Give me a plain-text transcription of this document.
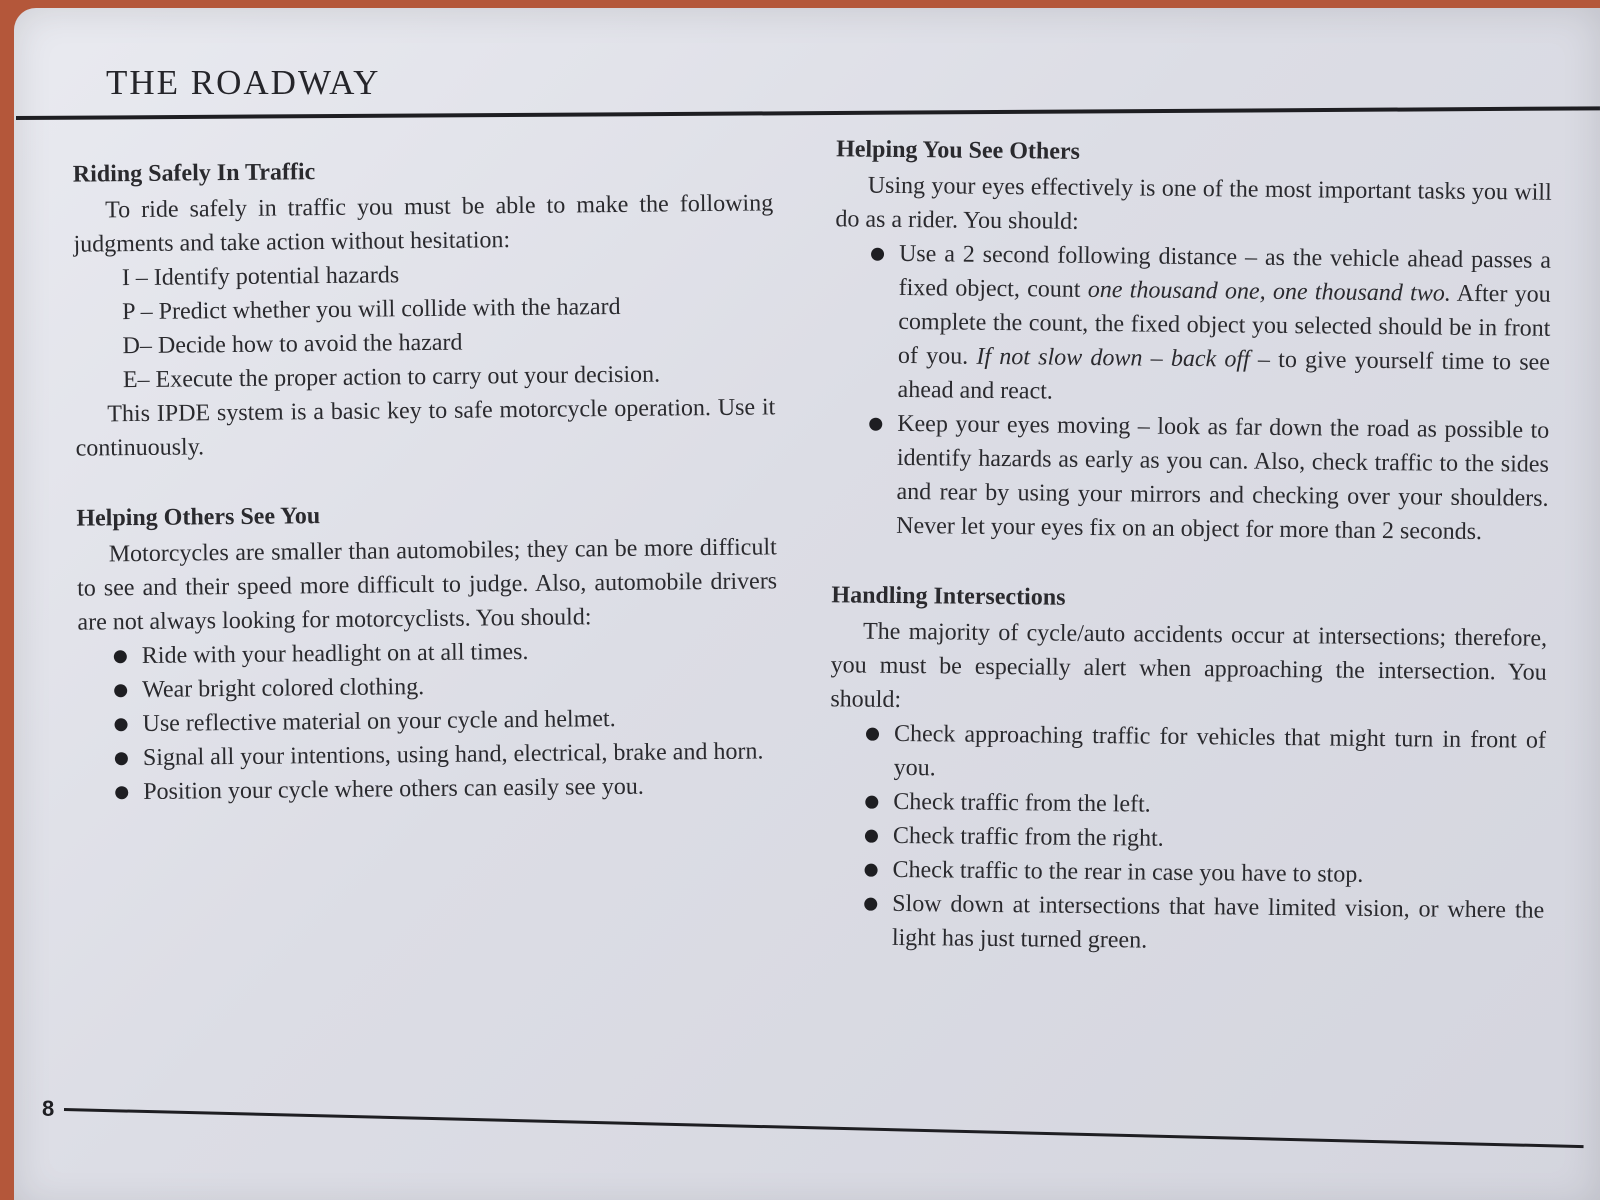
THE ROADWAY

Riding Safely In Traffic

To ride safely in traffic you must be able to make the following judgments and take action without hesitation:

I – Identify potential hazards

P – Predict whether you will collide with the hazard

D– Decide how to avoid the hazard

E– Execute the proper action to carry out your decision.

This IPDE system is a basic key to safe motorcycle operation. Use it continuously.

Helping Others See You

Motorcycles are smaller than automobiles; they can be more difficult to see and their speed more difficult to judge. Also, automobile drivers are not always looking for motorcyclists. You should:

Ride with your headlight on at all times.
Wear bright colored clothing.
Use reflective material on your cycle and helmet.
Signal all your intentions, using hand, electrical, brake and horn.
Position your cycle where others can easily see you.

Helping You See Others

Using your eyes effectively is one of the most important tasks you will do as a rider. You should:

Use a 2 second following distance – as the vehicle ahead passes a fixed object, count one thousand one, one thousand two. After you complete the count, the fixed object you selected should be in front of you. If not slow down – back off – to give yourself time to see ahead and react.
Keep your eyes moving – look as far down the road as possible to identify hazards as early as you can. Also, check traffic to the sides and rear by using your mirrors and checking over your shoulders. Never let your eyes fix on an object for more than 2 seconds.

Handling Intersections

The majority of cycle/auto accidents occur at intersections; therefore, you must be especially alert when approaching the intersection. You should:

Check approaching traffic for vehicles that might turn in front of you.
Check traffic from the left.
Check traffic from the right.
Check traffic to the rear in case you have to stop.
Slow down at intersections that have limited vision, or where the light has just turned green.
8
